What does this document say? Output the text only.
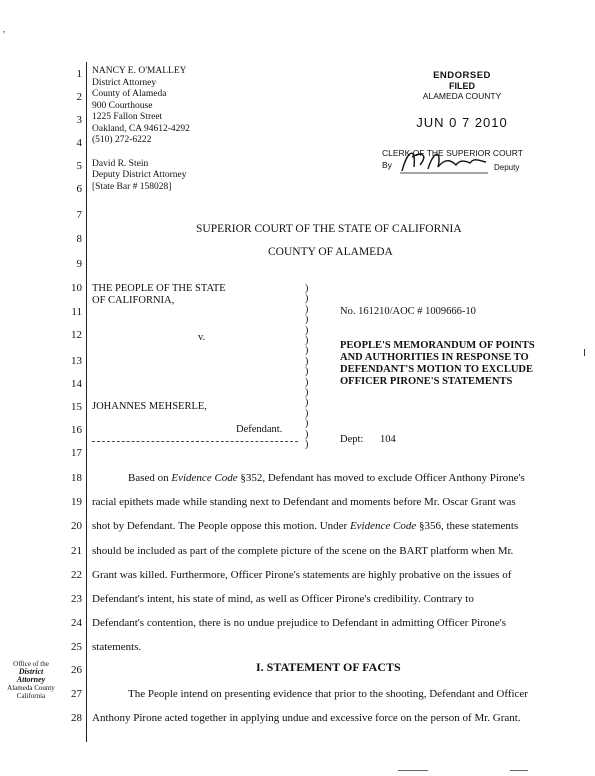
,
1
2
3
4
5
6
7
8
9
10
11
12
13
14
15
16
17
18
19
20
21
22
23
24
25
26
27
28
NANCY E. O'MALLEY
District Attorney
County of Alameda
900 Courthouse
1225 Fallon Street
Oakland, CA 94612-4292
(510) 272-6222
David R. Stein
Deputy District Attorney
[State Bar # 158028]
ENDORSED
FILED
ALAMEDA COUNTY
JUN 0 7 2010
CLERK OF THE SUPERIOR COURT
By	Deputy
SUPERIOR COURT OF THE STATE OF CALIFORNIA
COUNTY OF ALAMEDA
THE PEOPLE OF THE STATE
OF CALIFORNIA,
v.
JOHANNES MEHSERLE,
Defendant.
)
)
)
)
)
)
)
)
)
)
)
)
)
)
)
)
No. 161210/AOC # 1009666-10
PEOPLE'S MEMORANDUM OF POINTS
AND AUTHORITIES IN RESPONSE TO
DEFENDANT'S MOTION TO EXCLUDE
OFFICER PIRONE'S STATEMENTS
Dept: 104
Based on Evidence Code §352, Defendant has moved to exclude Officer Anthony Pirone's
racial epithets made while standing next to Defendant and moments before Mr. Oscar Grant was
shot by Defendant. The People oppose this motion. Under Evidence Code §356, these statements
should be included as part of the complete picture of the scene on the BART platform when Mr.
Grant was killed. Furthermore, Officer Pirone's statements are highly probative on the issues of
Defendant's intent, his state of mind, as well as Officer Pirone's credibility. Contrary to
Defendant's contention, there is no undue prejudice to Defendant in admitting Officer Pirone's
statements.
I. STATEMENT OF FACTS
The People intend on presenting evidence that prior to the shooting, Defendant and Officer
Anthony Pirone acted together in applying undue and excessive force on the person of Mr. Grant.
Office of the
District
Attorney
Alameda County
California
